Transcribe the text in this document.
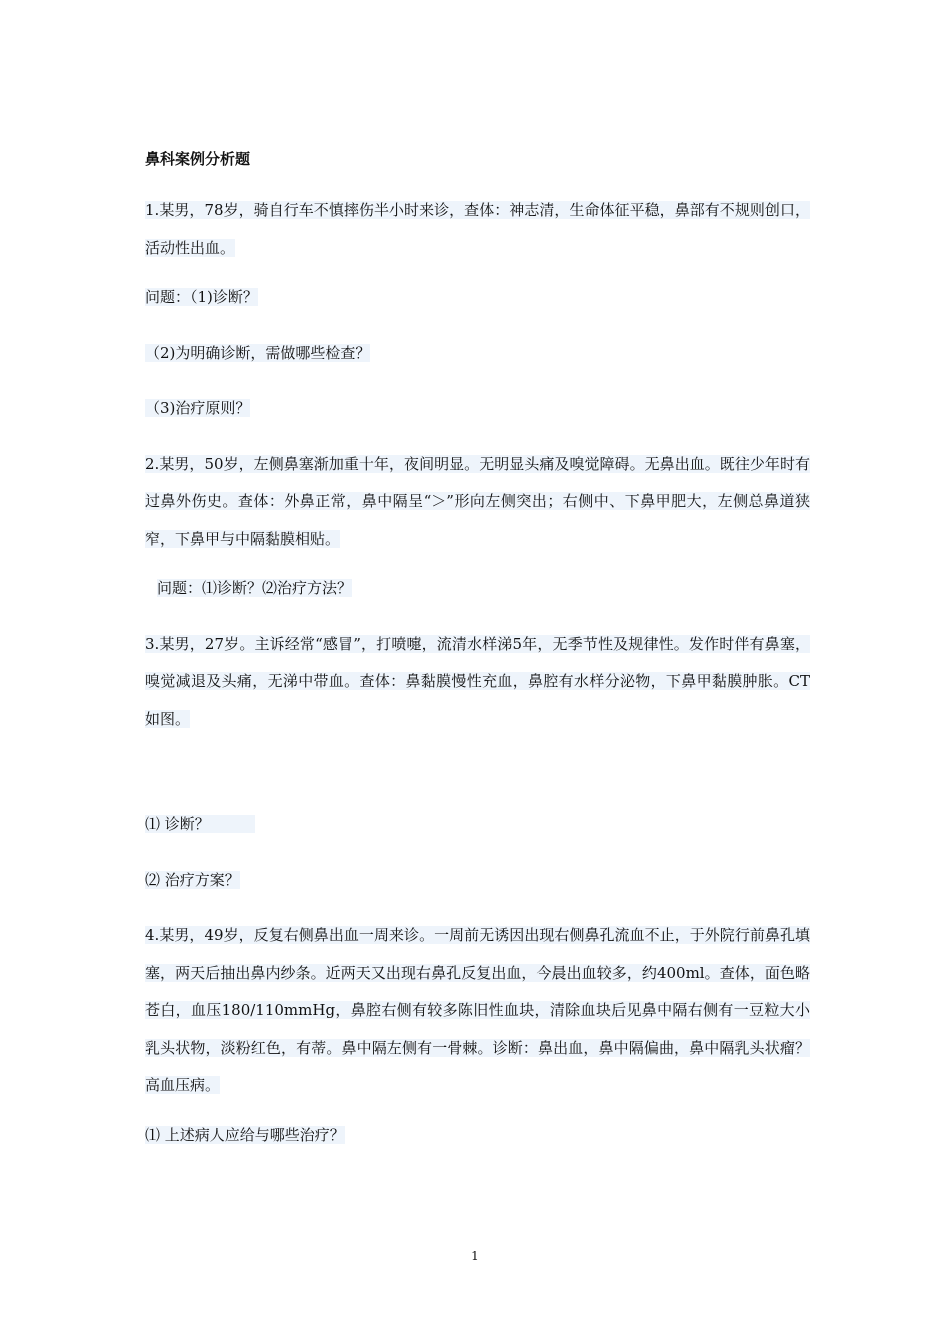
鼻科案例分析题
1.某男，78岁，骑自行车不慎摔伤半小时来诊，查体：神志清，生命体征平稳，鼻部有不规则创口，活动性出血。
问题：（1)诊断？
（2)为明确诊断，需做哪些检查？
（3)治疗原则？
2.某男，50岁，左侧鼻塞渐加重十年，夜间明显。无明显头痛及嗅觉障碍。无鼻出血。既往少年时有过鼻外伤史。查体：外鼻正常，鼻中隔呈“＞”形向左侧突出；右侧中、下鼻甲肥大，左侧总鼻道狭窄，下鼻甲与中隔黏膜相贴。
问题：⑴诊断？⑵治疗方法？
3.某男，27岁。主诉经常“感冒”，打喷嚏，流清水样涕5年，无季节性及规律性。发作时伴有鼻塞，嗅觉减退及头痛，无涕中带血。查体：鼻黏膜慢性充血，鼻腔有水样分泌物，下鼻甲黏膜肿胀。CT如图。
⑴ 诊断？　　　
⑵ 治疗方案？
4.某男，49岁，反复右侧鼻出血一周来诊。一周前无诱因出现右侧鼻孔流血不止，于外院行前鼻孔填塞，两天后抽出鼻内纱条。近两天又出现右鼻孔反复出血，今晨出血较多，约400ml。查体，面色略苍白，血压180/110mmHg，鼻腔右侧有较多陈旧性血块，清除血块后见鼻中隔右侧有一豆粒大小乳头状物，淡粉红色，有蒂。鼻中隔左侧有一骨棘。诊断：鼻出血，鼻中隔偏曲，鼻中隔乳头状瘤？高血压病。
⑴ 上述病人应给与哪些治疗？
1
